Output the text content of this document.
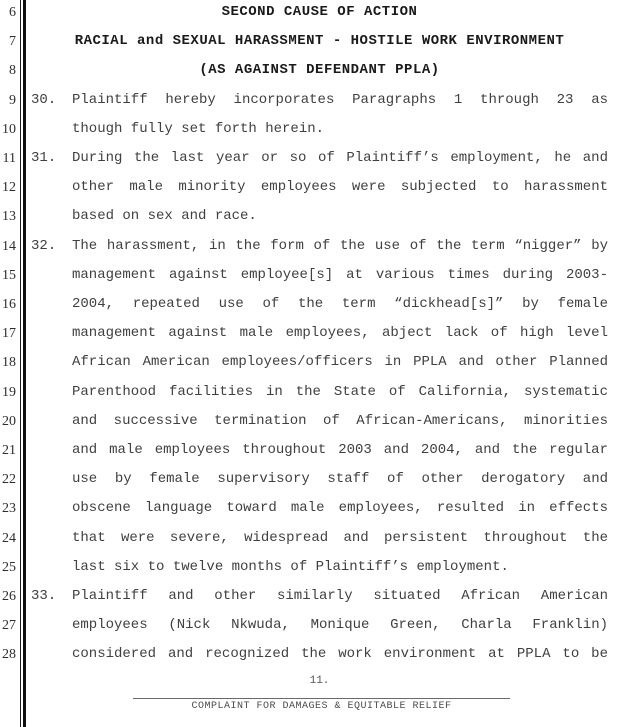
6	SECOND CAUSE OF ACTION
7	RACIAL and SEXUAL HARASSMENT - HOSTILE WORK ENVIRONMENT
8	(AS AGAINST DEFENDANT PPLA)
9 30. Plaintiff hereby incorporates Paragraphs 1 through 23 as
10	though fully set forth herein.
11 31. During the last year or so of Plaintiff’s employment, he and
12	other male minority employees were subjected to harassment
13	based on sex and race.
14 32. The harassment, in the form of the use of the term “nigger” by
15	management against employee[s] at various times during 2003-
16	2004, repeated use of the term “dickhead[s]” by female
17	management against male employees, abject lack of high level
18	African American employees/officers in PPLA and other Planned
19	Parenthood facilities in the State of California, systematic
20	and successive termination of African-Americans, minorities
21	and male employees throughout 2003 and 2004, and the regular
22	use by female supervisory staff of other derogatory and
23	obscene language toward male employees, resulted in effects
24	that were severe, widespread and persistent throughout the
25	last six to twelve months of Plaintiff’s employment.
26 33. Plaintiff and other similarly situated African American
27	employees (Nick Nkwuda, Monique Green, Charla Franklin)
28	considered and recognized the work environment at PPLA to be
11.
COMPLAINT FOR DAMAGES & EQUITABLE RELIEF
